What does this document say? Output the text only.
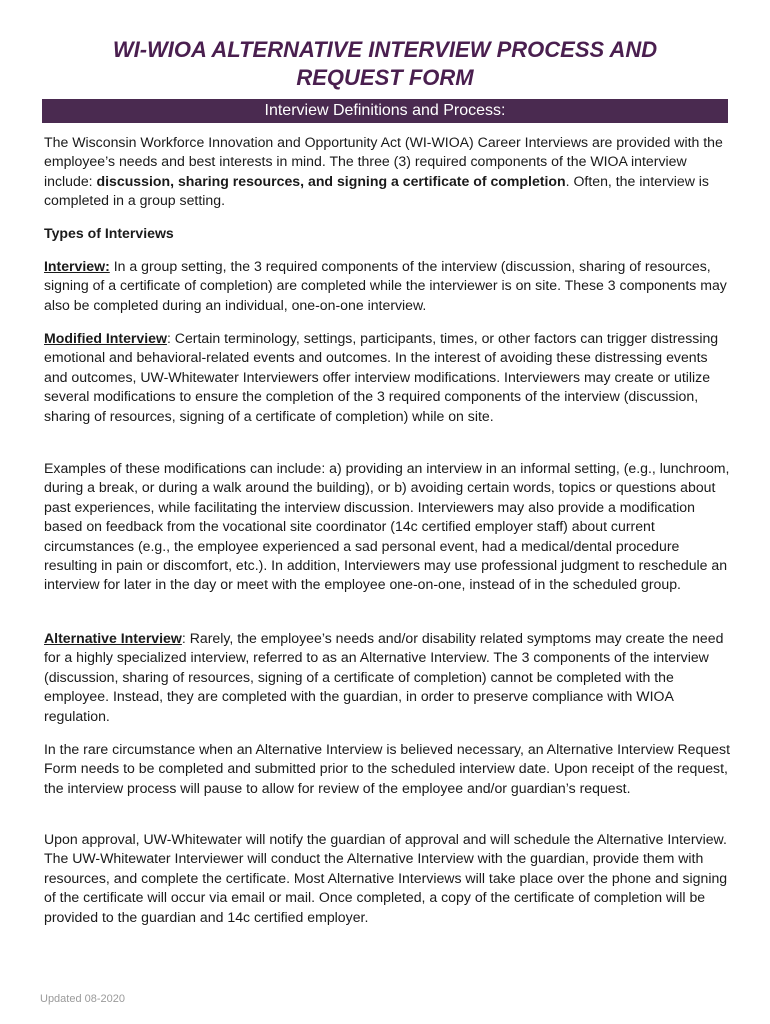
WI-WIOA ALTERNATIVE INTERVIEW PROCESS AND
REQUEST FORM
Interview Definitions and Process:

The Wisconsin Workforce Innovation and Opportunity Act (WI-WIOA) Career Interviews are provided with the employee’s needs and best interests in mind. The three (3) required components of the WIOA interview include: discussion, sharing resources, and signing a certificate of completion. Often, the interview is completed in a group setting.

Types of Interviews

Interview: In a group setting, the 3 required components of the interview (discussion, sharing of resources, signing of a certificate of completion) are completed while the interviewer is on site. These 3 components may also be completed during an individual, one-on-one interview.

Modified Interview: Certain terminology, settings, participants, times, or other factors can trigger distressing emotional and behavioral-related events and outcomes. In the interest of avoiding these distressing events and outcomes, UW-Whitewater Interviewers offer interview modifications. Interviewers may create or utilize several modifications to ensure the completion of the 3 required components of the interview (discussion, sharing of resources, signing of a certificate of completion) while on site.

Examples of these modifications can include: a) providing an interview in an informal setting, (e.g., lunchroom, during a break, or during a walk around the building), or b) avoiding certain words, topics or questions about past experiences, while facilitating the interview discussion. Interviewers may also provide a modification based on feedback from the vocational site coordinator (14c certified employer staff) about current circumstances (e.g., the employee experienced a sad personal event, had a medical/dental procedure resulting in pain or discomfort, etc.). In addition, Interviewers may use professional judgment to reschedule an interview for later in the day or meet with the employee one-on-one, instead of in the scheduled group.

Alternative Interview: Rarely, the employee’s needs and/or disability related symptoms may create the need for a highly specialized interview, referred to as an Alternative Interview. The 3 components of the interview (discussion, sharing of resources, signing of a certificate of completion) cannot be completed with the employee. Instead, they are completed with the guardian, in order to preserve compliance with WIOA regulation.

In the rare circumstance when an Alternative Interview is believed necessary, an Alternative Interview Request Form needs to be completed and submitted prior to the scheduled interview date. Upon receipt of the request, the interview process will pause to allow for review of the employee and/or guardian’s request.

Upon approval, UW-Whitewater will notify the guardian of approval and will schedule the Alternative Interview. The UW-Whitewater Interviewer will conduct the Alternative Interview with the guardian, provide them with resources, and complete the certificate. Most Alternative Interviews will take place over the phone and signing of the certificate will occur via email or mail. Once completed, a copy of the certificate of completion will be provided to the guardian and 14c certified employer.

Updated 08-2020
